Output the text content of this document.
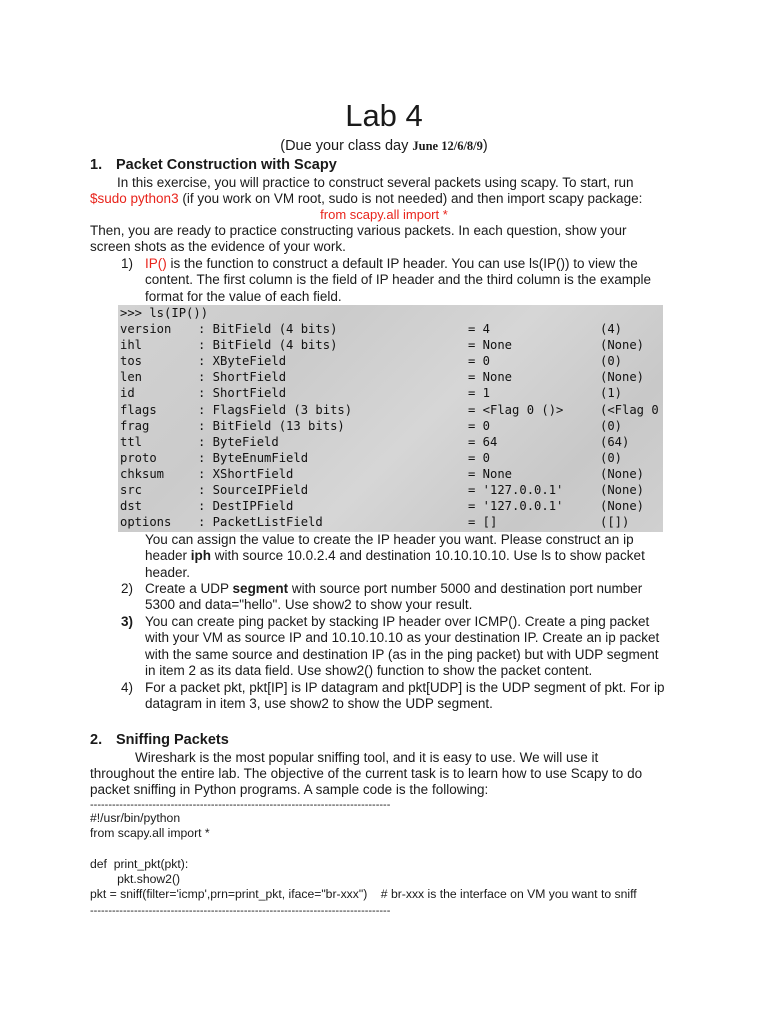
Lab 4
(Due your class day June 12/6/8/9)
1. Packet Construction with Scapy
In this exercise, you will practice to construct several packets using scapy. To start, run
$sudo python3 (if you work on VM root, sudo is not needed) and then import scapy package:
from scapy.all import *
Then, you are ready to practice constructing various packets. In each question, show your
screen shots as the evidence of your work.
1) IP() is the function to construct a default IP header. You can use ls(IP()) to view the
content. The first column is the field of IP header and the third column is the example
format for the value of each field.
>>> ls(IP())
version : BitField (4 bits)	= 4	(4)
ihl	: BitField (4 bits)	= None	(None)
tos	: XByteField	= 0	(0)
len	: ShortField	= None	(None)
id	: ShortField	= 1	(1)
flags	: FlagsField (3 bits)	= <Flag 0 ()>	(<Flag 0
frag	: BitField (13 bits)	= 0	(0)
ttl	: ByteField	= 64	(64)
proto	: ByteEnumField	= 0	(0)
chksum	: XShortField	= None	(None)
src	: SourceIPField	= '127.0.0.1'	(None)
dst	: DestIPField	= '127.0.0.1'	(None)
options : PacketListField	= []	([])
You can assign the value to create the IP header you want. Please construct an ip
header iph with source 10.0.2.4 and destination 10.10.10.10. Use ls to show packet
header.
2) Create a UDP segment with source port number 5000 and destination port number
5300 and data="hello". Use show2 to show your result.
3) You can create ping packet by stacking IP header over ICMP(). Create a ping packet
with your VM as source IP and 10.10.10.10 as your destination IP. Create an ip packet
with the same source and destination IP (as in the ping packet) but with UDP segment
in item 2 as its data field. Use show2() function to show the packet content.
4) For a packet pkt, pkt[IP] is IP datagram and pkt[UDP] is the UDP segment of pkt. For ip
datagram in item 3, use show2 to show the UDP segment.
2. Sniffing Packets
Wireshark is the most popular sniffing tool, and it is easy to use. We will use it
throughout the entire lab. The objective of the current task is to learn how to use Scapy to do
packet sniffing in Python programs. A sample code is the following:
----------------------------------------------------------------------------------
#!/usr/bin/python
from scapy.all import *
def  print_pkt(pkt):
pkt.show2()
pkt = sniff(filter='icmp',prn=print_pkt, iface="br-xxx")    # br-xxx is the interface on VM you want to sniff
----------------------------------------------------------------------------------
